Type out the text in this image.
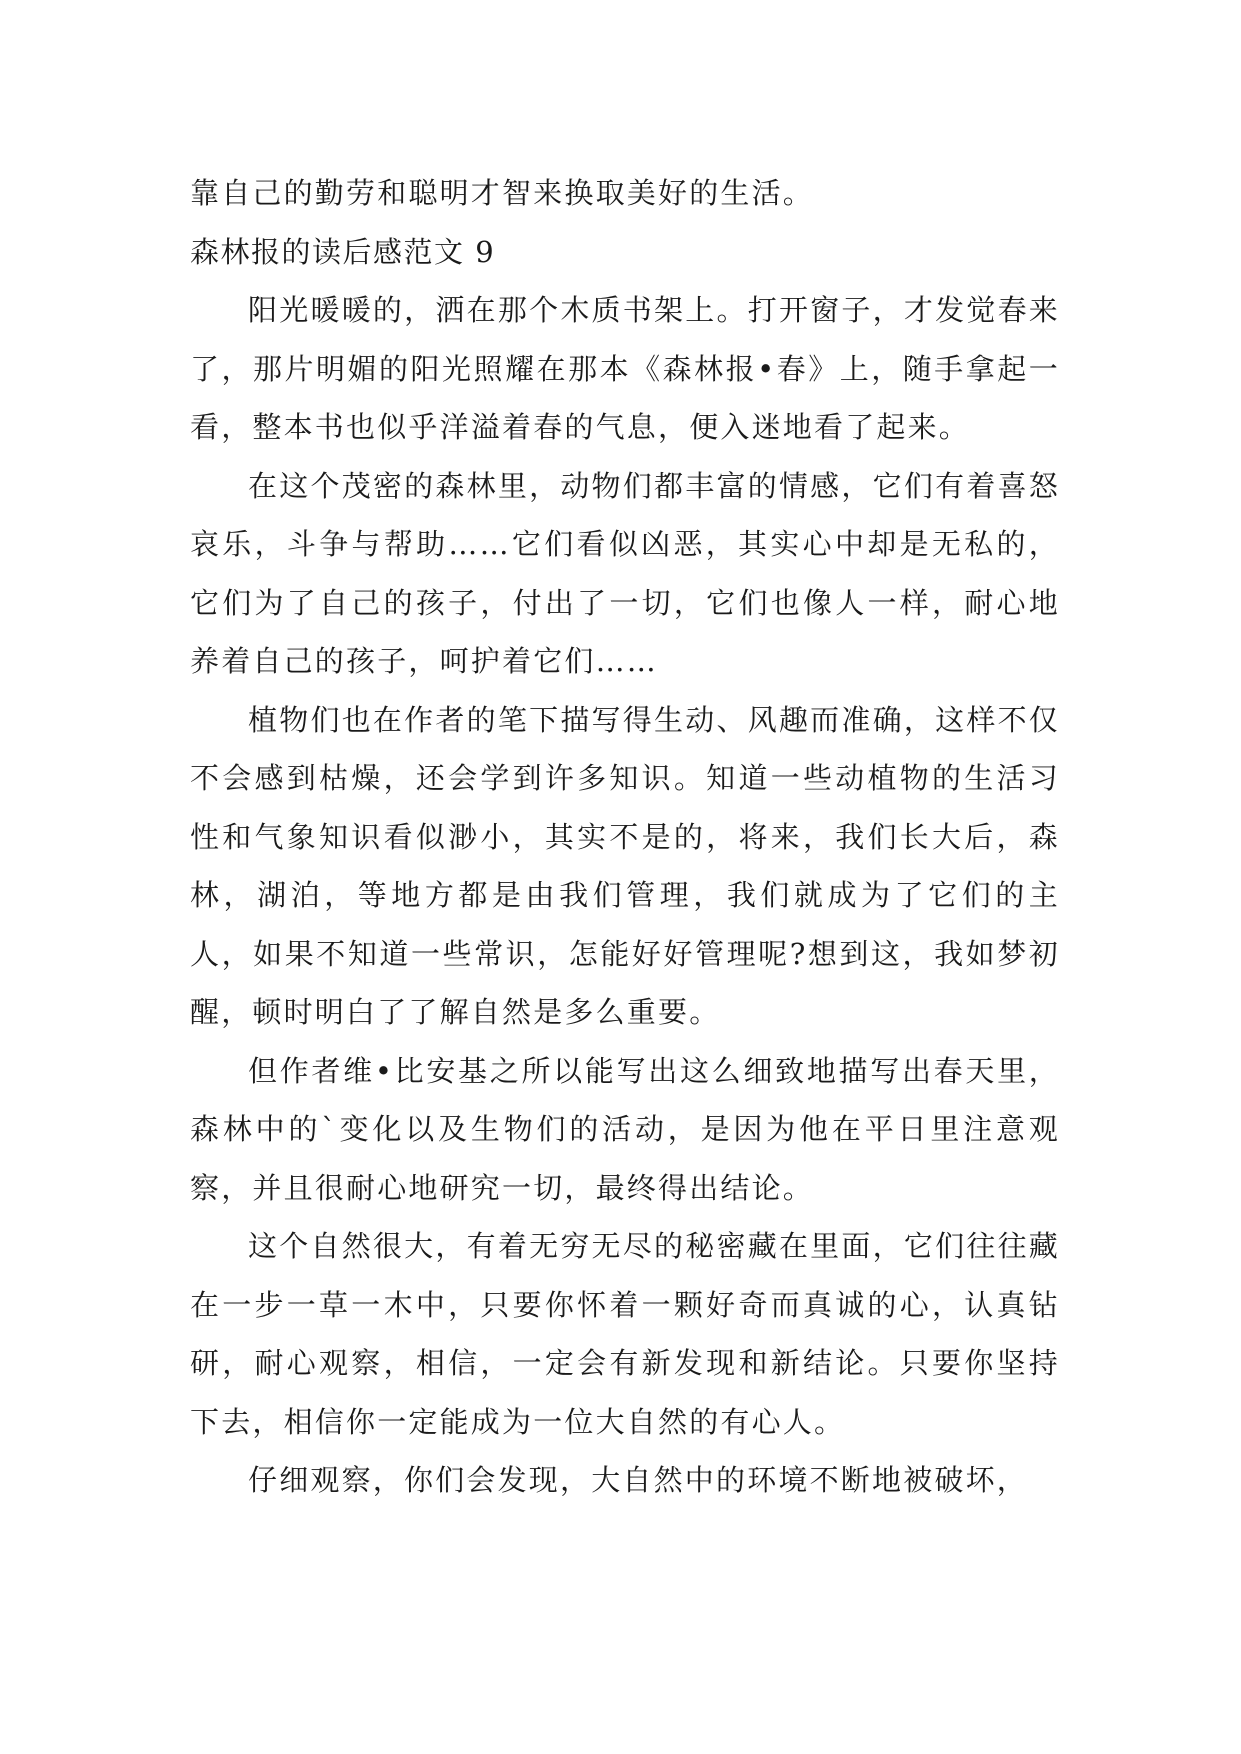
靠自己的勤劳和聪明才智来换取美好的生活。

森林报的读后感范文 9

阳光暖暖的，洒在那个木质书架上。打开窗子，才发觉春来了，那片明媚的阳光照耀在那本《森林报•春》上，随手拿起一看，整本书也似乎洋溢着春的气息，便入迷地看了起来。

在这个茂密的森林里，动物们都丰富的情感，它们有着喜怒哀乐，斗争与帮助……它们看似凶恶，其实心中却是无私的，它们为了自己的孩子，付出了一切，它们也像人一样，耐心地养着自己的孩子，呵护着它们……

植物们也在作者的笔下描写得生动、风趣而准确，这样不仅不会感到枯燥，还会学到许多知识。知道一些动植物的生活习性和气象知识看似渺小，其实不是的，将来，我们长大后，森林，湖泊，等地方都是由我们管理，我们就成为了它们的主人，如果不知道一些常识，怎能好好管理呢?想到这，我如梦初醒，顿时明白了了解自然是多么重要。

但作者维•比安基之所以能写出这么细致地描写出春天里，森林中的`变化以及生物们的活动，是因为他在平日里注意观察，并且很耐心地研究一切，最终得出结论。

这个自然很大，有着无穷无尽的秘密藏在里面，它们往往藏在一步一草一木中，只要你怀着一颗好奇而真诚的心，认真钻研，耐心观察，相信，一定会有新发现和新结论。只要你坚持下去，相信你一定能成为一位大自然的有心人。

仔细观察，你们会发现，大自然中的环境不断地被破坏，
